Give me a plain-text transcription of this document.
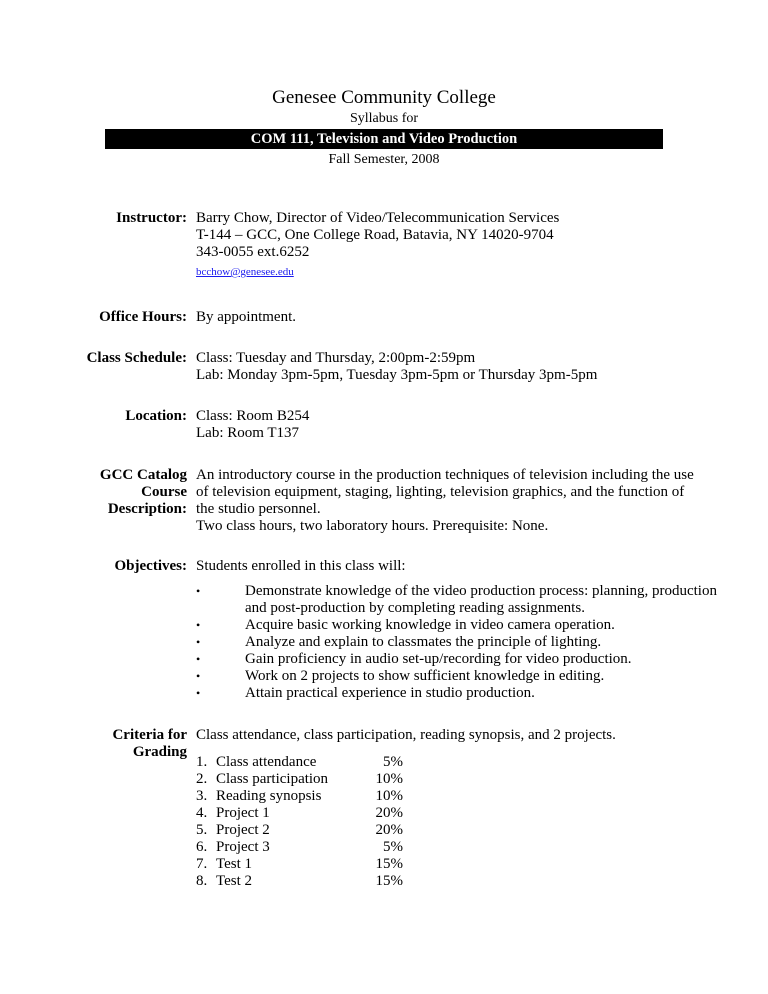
Genesee Community College
Syllabus for
COM 111, Television and Video Production
Fall Semester, 2008
Instructor: Barry Chow, Director of Video/Telecommunication Services
T-144 – GCC, One College Road, Batavia, NY 14020-9704
343-0055 ext.6252
bcchow@genesee.edu
Office Hours: By appointment.
Class Schedule: Class: Tuesday and Thursday, 2:00pm-2:59pm
Lab: Monday 3pm-5pm, Tuesday 3pm-5pm or Thursday 3pm-5pm
Location: Class: Room B254
Lab: Room T137
GCC Catalog
Course
Description:
An introductory course in the production techniques of television including the use
of television equipment, staging, lighting, television graphics, and the function of
the studio personnel.
Two class hours, two laboratory hours. Prerequisite: None.
Objectives: Students enrolled in this class will:
•	Demonstrate knowledge of the video production process: planning, production
and post-production by completing reading assignments.
•	Acquire basic working knowledge in video camera operation.
•	Analyze and explain to classmates the principle of lighting.
•	Gain proficiency in audio set-up/recording for video production.
•	Work on 2 projects to show sufficient knowledge in editing.
•	Attain practical experience in studio production.
Criteria for
Grading
Class attendance, class participation, reading synopsis, and 2 projects.
1. Class attendance	5%
2. Class participation	10%
3. Reading synopsis	10%
4. Project 1	20%
5. Project 2	20%
6. Project 3	5%
7. Test 1	15%
8. Test 2	15%
